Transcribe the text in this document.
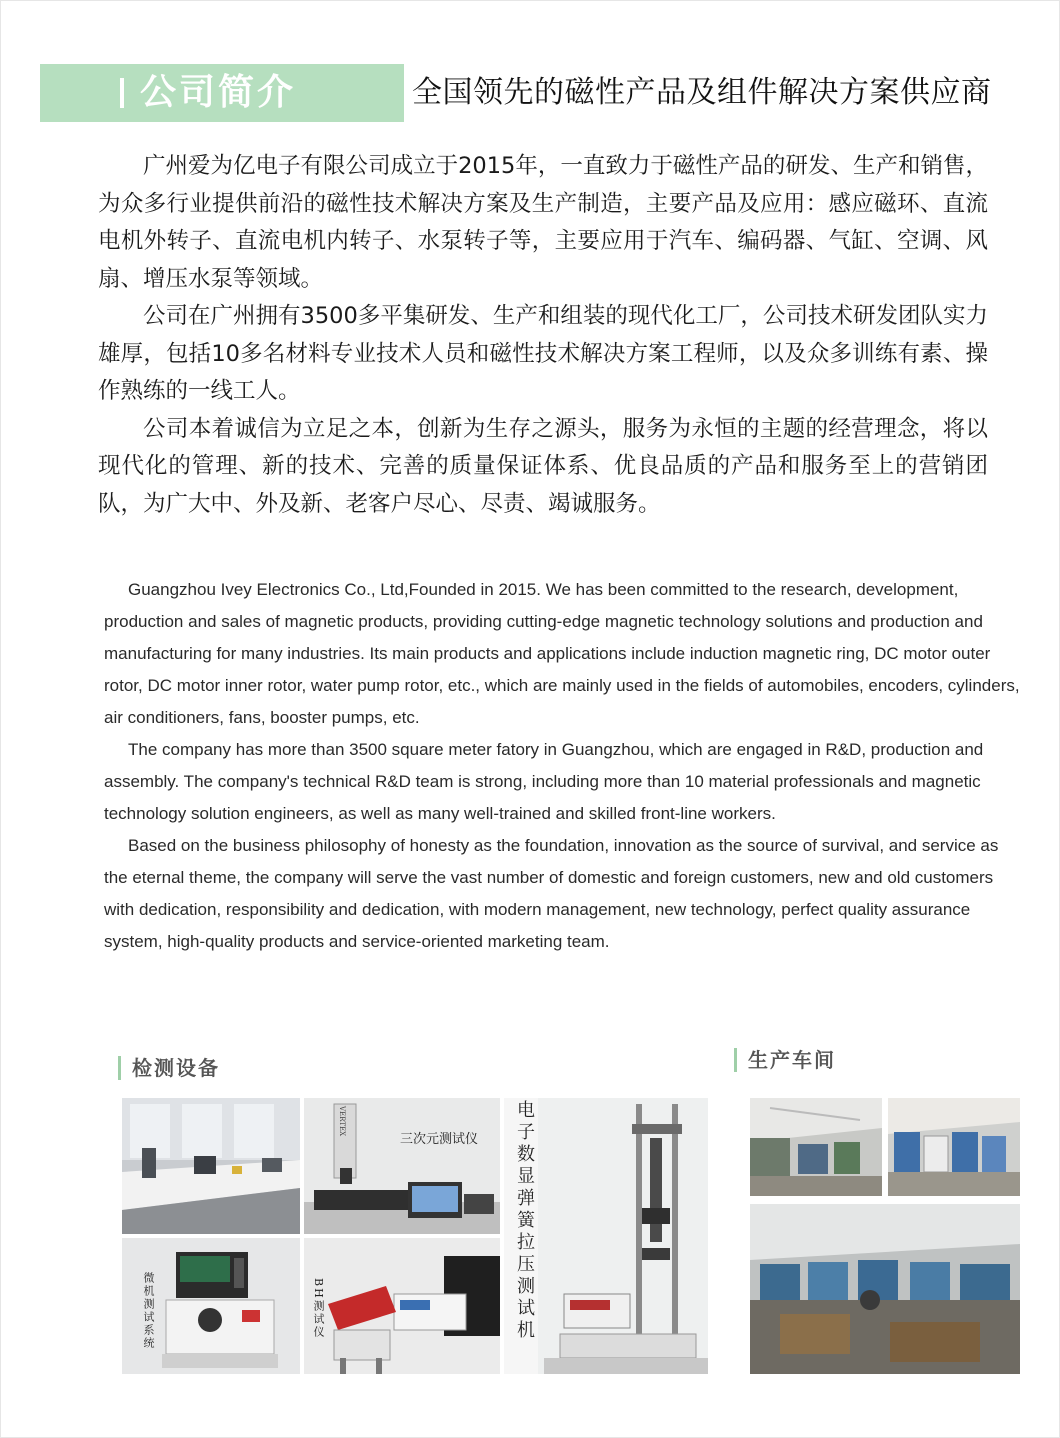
公司简介	全国领先的磁性产品及组件解决方案供应商

广州爱为亿电子有限公司成立于2015年，一直致力于磁性产品的研发、生产和销售，为众多行业提供前沿的磁性技术解决方案及生产制造，主要产品及应用：感应磁环、直流电机外转子、直流电机内转子、水泵转子等，主要应用于汽车、编码器、气缸、空调、风扇、增压水泵等领域。

公司在广州拥有3500多平集研发、生产和组装的现代化工厂，公司技术研发团队实力雄厚，包括10多名材料专业技术人员和磁性技术解决方案工程师，以及众多训练有素、操作熟练的一线工人。

公司本着诚信为立足之本，创新为生存之源头，服务为永恒的主题的经营理念，将以现代化的管理、新的技术、完善的质量保证体系、优良品质的产品和服务至上的营销团队，为广大中、外及新、老客户尽心、尽责、竭诚服务。

Guangzhou Ivey Electronics Co., Ltd,Founded in 2015. We has been committed to the research, development, production and sales of magnetic products, providing cutting-edge magnetic technology solutions and production and manufacturing for many industries. Its main products and applications include induction magnetic ring, DC motor outer rotor, DC motor inner rotor, water pump rotor, etc., which are mainly used in the fields of automobiles, encoders, cylinders, air conditioners, fans, booster pumps, etc.

The company has more than 3500 square meter fatory in Guangzhou, which are engaged in R&D, production and assembly. The company's technical R&D team is strong, including more than 10 material professionals and magnetic technology solution engineers, as well as many well-trained and skilled front-line workers.

Based on the business philosophy of honesty as the foundation, innovation as the source of survival, and service as the eternal theme, the company will serve the vast number of domestic and foreign customers, new and old customers with dedication, responsibility and dedication, with modern management, new technology, perfect quality assurance system, high-quality products and service-oriented marketing team.

检测设备	生产车间
三次元测试仪
VERTEX
微机测试系统	BH测试仪	电子数显弹簧拉压测试机
